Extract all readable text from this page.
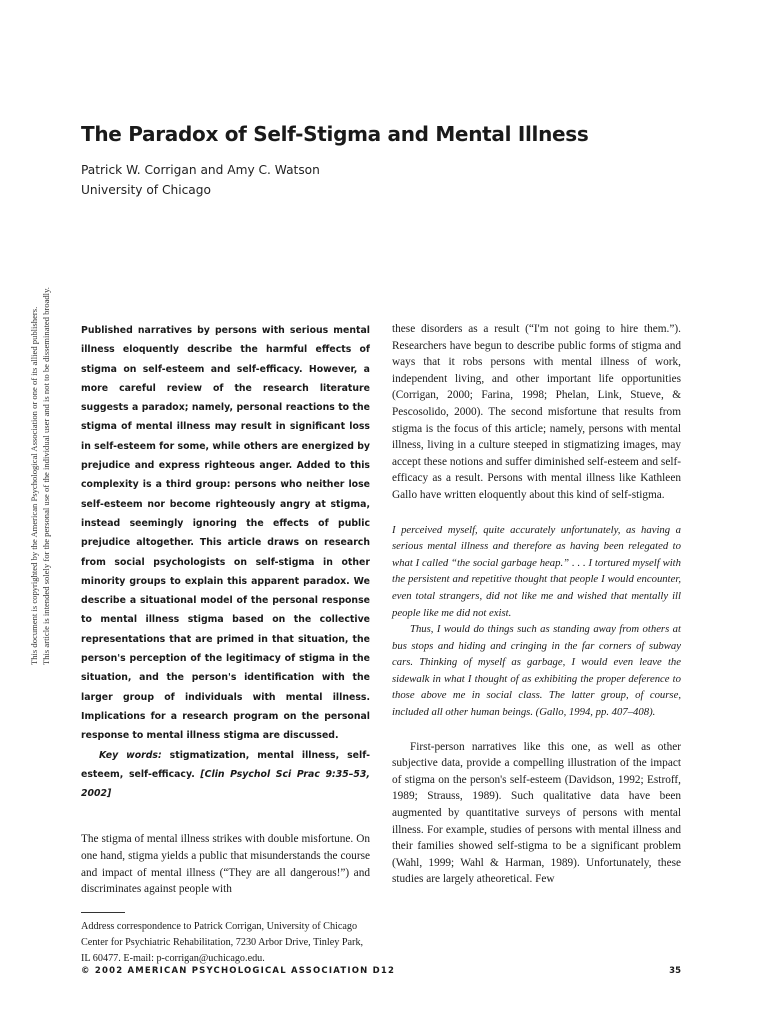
This document is copyrighted by the American Psychological Association or one of its allied publishers. This article is intended solely for the personal use of the individual user and is not to be disseminated broadly.
The Paradox of Self-Stigma and Mental Illness
Patrick W. Corrigan and Amy C. Watson
University of Chicago

Published narratives by persons with serious mental illness eloquently describe the harmful effects of stigma on self-esteem and self-efficacy. However, a more careful review of the research literature suggests a paradox; namely, personal reactions to the stigma of mental illness may result in significant loss in self-esteem for some, while others are energized by prejudice and express righteous anger. Added to this complexity is a third group: persons who neither lose self-esteem nor become righteously angry at stigma, instead seemingly ignoring the effects of public prejudice altogether. This article draws on research from social psychologists on self-stigma in other minority groups to explain this apparent paradox. We describe a situational model of the personal response to mental illness stigma based on the collective representations that are primed in that situation, the person's perception of the legitimacy of stigma in the situation, and the person's identification with the larger group of individuals with mental illness. Implications for a research program on the personal response to mental illness stigma are discussed.

Key words: stigmatization, mental illness, self-esteem, self-efficacy. [Clin Psychol Sci Prac 9:35–53, 2002]

The stigma of mental illness strikes with double misfortune. On one hand, stigma yields a public that misunderstands the course and impact of mental illness (“They are all dangerous!”) and discriminates against people with

Address correspondence to Patrick Corrigan, University of Chicago Center for Psychiatric Rehabilitation, 7230 Arbor Drive, Tinley Park, IL 60477. E-mail: p-corrigan@uchicago.edu.

these disorders as a result (“I'm not going to hire them.”). Researchers have begun to describe public forms of stigma and ways that it robs persons with mental illness of work, independent living, and other important life opportunities (Corrigan, 2000; Farina, 1998; Phelan, Link, Stueve, & Pescosolido, 2000). The second misfortune that results from stigma is the focus of this article; namely, persons with mental illness, living in a culture steeped in stigmatizing images, may accept these notions and suffer diminished self-esteem and self-efficacy as a result. Persons with mental illness like Kathleen Gallo have written eloquently about this kind of self-stigma.

I perceived myself, quite accurately unfortunately, as having a serious mental illness and therefore as having been relegated to what I called “the social garbage heap.” . . . I tortured myself with the persistent and repetitive thought that people I would encounter, even total strangers, did not like me and wished that mentally ill people like me did not exist.

Thus, I would do things such as standing away from others at bus stops and hiding and cringing in the far corners of subway cars. Thinking of myself as garbage, I would even leave the sidewalk in what I thought of as exhibiting the proper deference to those above me in social class. The latter group, of course, included all other human beings. (Gallo, 1994, pp. 407–408).

First-person narratives like this one, as well as other subjective data, provide a compelling illustration of the impact of stigma on the person's self-esteem (Davidson, 1992; Estroff, 1989; Strauss, 1989). Such qualitative data have been augmented by quantitative surveys of persons with mental illness. For example, studies of persons with mental illness and their families showed self-stigma to be a significant problem (Wahl, 1999; Wahl & Harman, 1989). Unfortunately, these studies are largely atheoretical. Few

© 2002 AMERICAN PSYCHOLOGICAL ASSOCIATION D12	35
